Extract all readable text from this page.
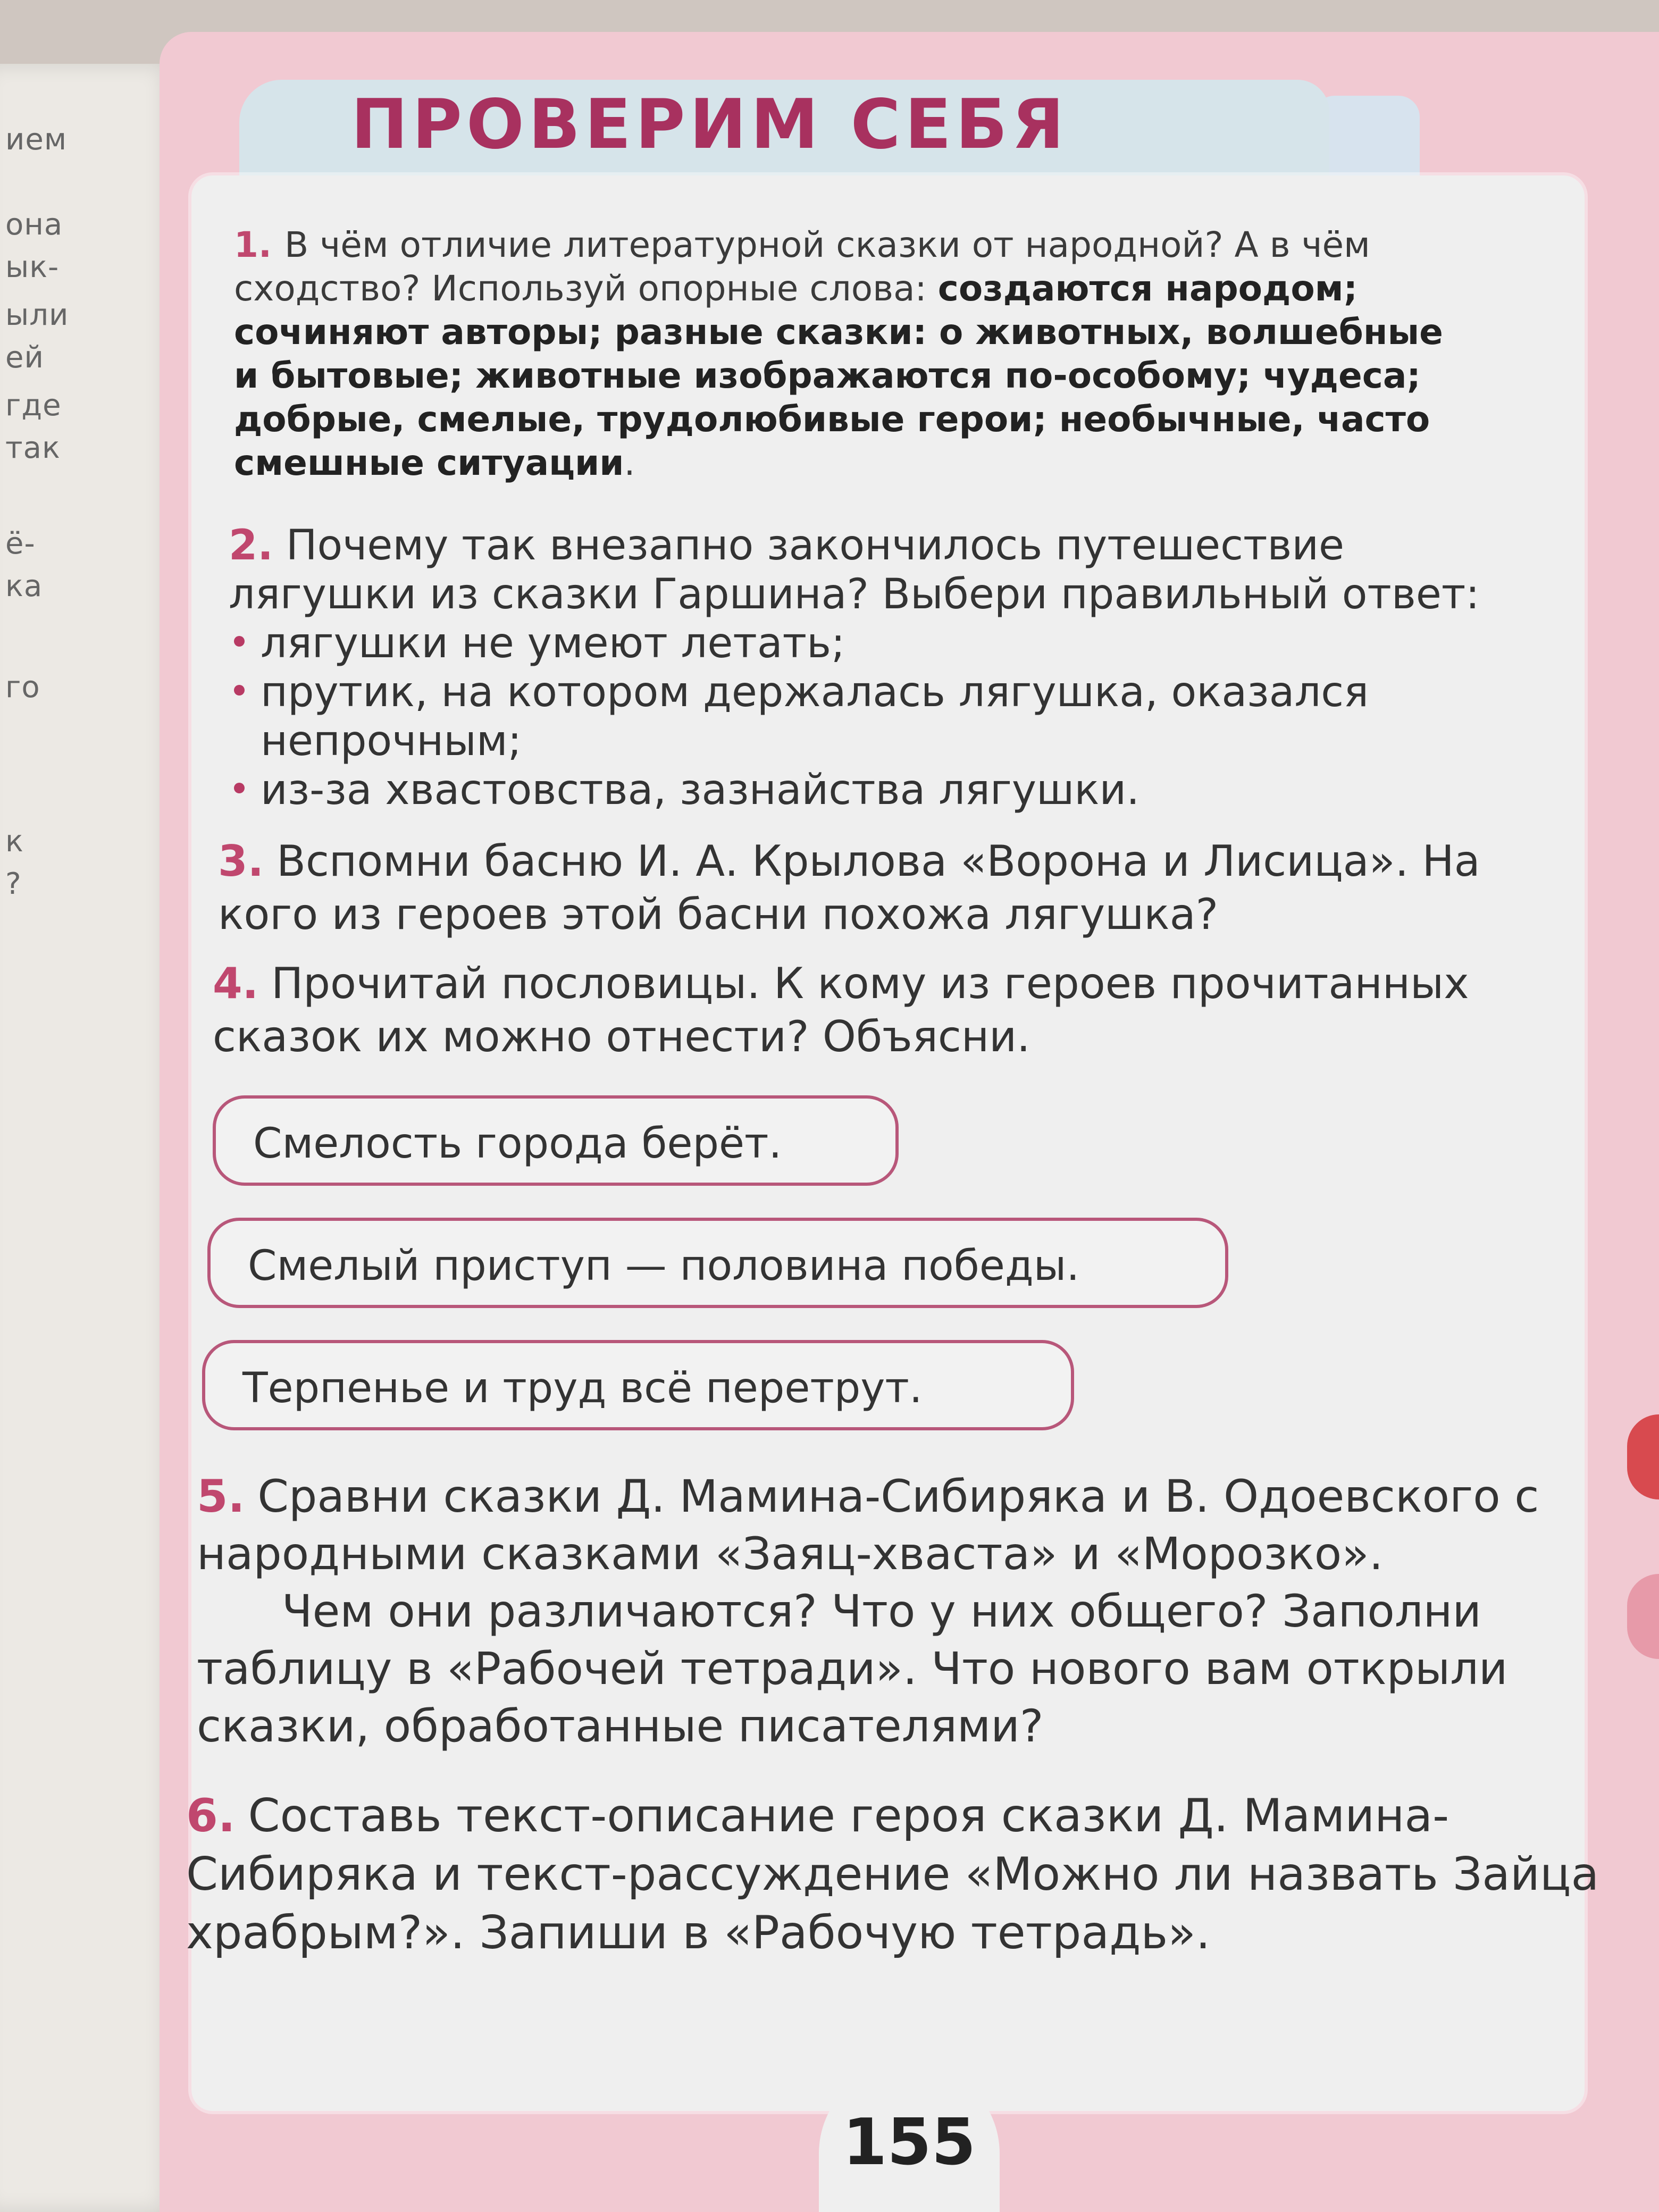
ием
она
ык-
ыли
ей
где
так
ё-
ка
го
к
?
ПРОВЕРИМ СЕБЯ
1. В чём отличие литературной сказки от народной? А в чём сходство? Используй опорные слова: создаются народом; сочиняют авторы; разные сказки: о животных, волшебные и бытовые; животные изображаются по-особому; чудеса; добрые, смелые, трудолюбивые герои; необычные, часто смешные ситуации.
2. Почему так внезапно закончилось путешествие лягушки из сказки Гаршина? Выбери правильный ответ:
лягушки не умеют летать;
прутик, на котором держалась лягушка, оказался непрочным;
из-за хвастовства, зазнайства лягушки.
3. Вспомни басню И. А. Крылова «Ворона и Лисица». На кого из героев этой басни похожа лягушка?
4. Прочитай пословицы. К кому из героев прочитанных сказок их можно отнести? Объясни.
Смелость города берёт.
Смелый приступ — половина победы.
Терпенье и труд всё перетрут.
5. Сравни сказки Д. Мамина-Сибиряка и В. Одоевского с народными сказками «Заяц-хваста» и «Морозко».
Чем они различаются? Что у них общего? Заполни таблицу в «Рабочей тетради». Что нового вам открыли сказки, обработанные писателями?
6. Составь текст-описание героя сказки Д. Мамина-Сибиряка и текст-рассуждение «Можно ли назвать Зайца храбрым?». Запиши в «Рабочую тетрадь».
155
